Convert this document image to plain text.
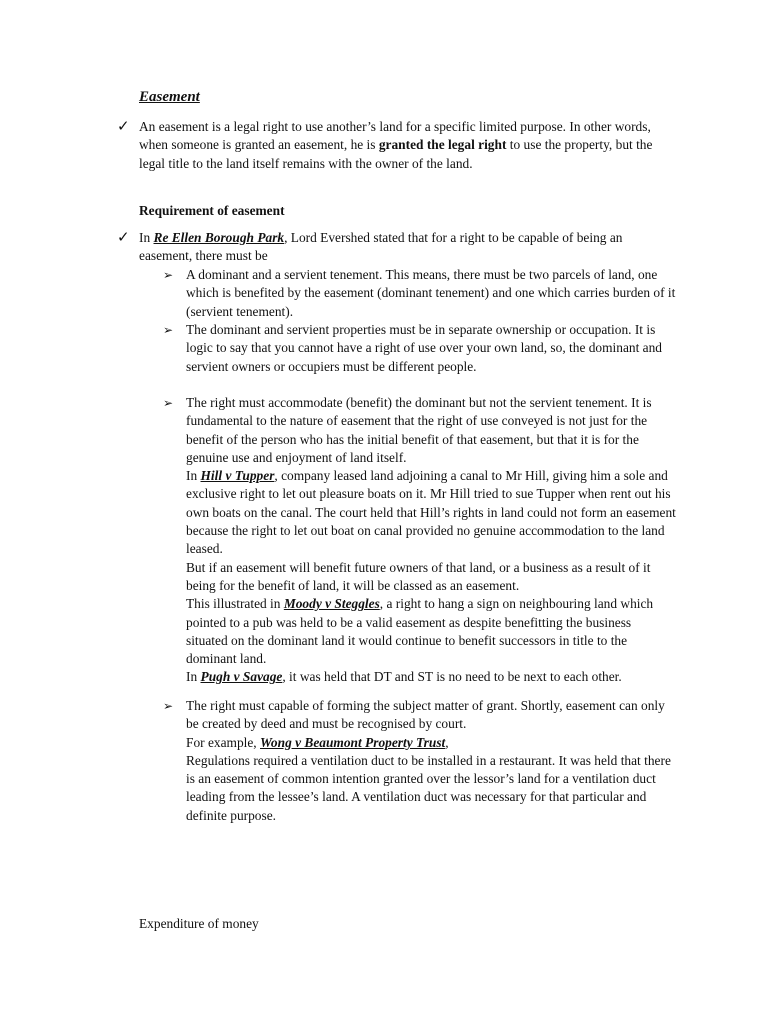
Easement
✓ An easement is a legal right to use another’s land for a specific limited purpose. In other words, when someone is granted an easement, he is granted the legal right to use the property, but the legal title to the land itself remains with the owner of the land.
Requirement of easement
✓ In Re Ellen Borough Park, Lord Evershed stated that for a right to be capable of being an easement, there must be
➢ A dominant and a servient tenement. This means, there must be two parcels of land, one which is benefited by the easement (dominant tenement) and one which carries burden of it (servient tenement).
➢ The dominant and servient properties must be in separate ownership or occupation. It is logic to say that you cannot have a right of use over your own land, so, the dominant and servient owners or occupiers must be different people.
➢ The right must accommodate (benefit) the dominant but not the servient tenement. It is fundamental to the nature of easement that the right of use conveyed is not just for the benefit of the person who has the initial benefit of that easement, but that it is for the genuine use and enjoyment of land itself.
In Hill v Tupper, company leased land adjoining a canal to Mr Hill, giving him a sole and exclusive right to let out pleasure boats on it. Mr Hill tried to sue Tupper when rent out his own boats on the canal. The court held that Hill’s rights in land could not form an easement because the right to let out boat on canal provided no genuine accommodation to the land leased.
But if an easement will benefit future owners of that land, or a business as a result of it being for the benefit of land, it will be classed as an easement.
This illustrated in Moody v Steggles, a right to hang a sign on neighbouring land which pointed to a pub was held to be a valid easement as despite benefitting the business situated on the dominant land it would continue to benefit successors in title to the dominant land.
In Pugh v Savage, it was held that DT and ST is no need to be next to each other.
➢ The right must capable of forming the subject matter of grant. Shortly, easement can only be created by deed and must be recognised by court.
For example, Wong v Beaumont Property Trust,
Regulations required a ventilation duct to be installed in a restaurant. It was held that there is an easement of common intention granted over the lessor’s land for a ventilation duct leading from the lessee’s land. A ventilation duct was necessary for that particular and definite purpose.
Expenditure of money
